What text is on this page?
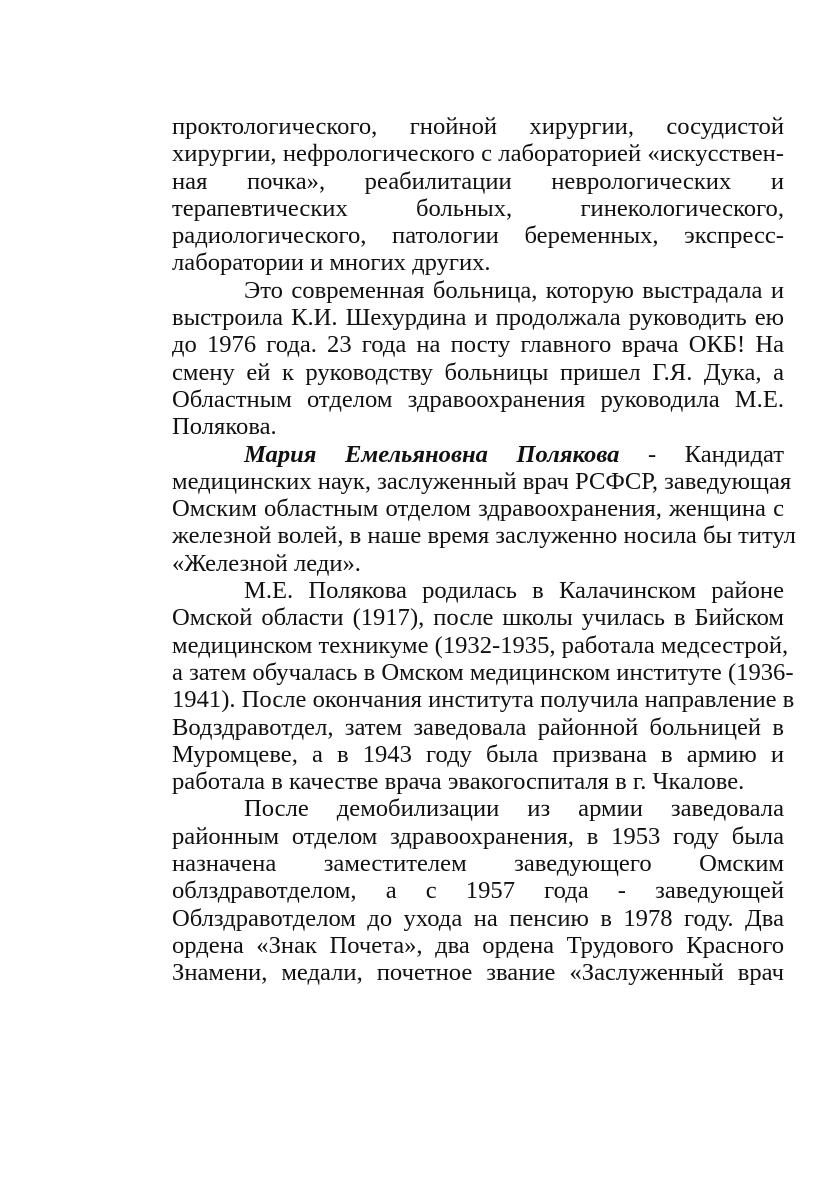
проктологического, гнойной хирургии, сосудистой
хирургии, нефрологического с лабораторией «искусствен-
ная почка», реабилитации неврологических и
терапевтических больных, гинекологического,
радиологического, патологии беременных, экспресс-
лаборатории и многих других.
Это современная больница, которую выстрадала и
выстроила К.И. Шехурдина и продолжала руководить ею
до 1976 года. 23 года на посту главного врача ОКБ! На
смену ей к руководству больницы пришел Г.Я. Дука, а
Областным отделом здравоохранения руководила М.Е.
Полякова.
Мария Емельяновна Полякова - Кандидат
медицинских наук, заслуженный врач РСФСР, заведующая
Омским областным отделом здравоохранения, женщина с
железной волей, в наше время заслуженно носила бы титул
«Железной леди».
М.Е. Полякова родилась в Калачинском районе
Омской области (1917), после школы училась в Бийском
медицинском техникуме (1932-1935, работала медсестрой,
а затем обучалась в Омском медицинском институте (1936-
1941). После окончания института получила направление в
Водздравотдел, затем заведовала районной больницей в
Муромцеве, а в 1943 году была призвана в армию и
работала в качестве врача эвакогоспиталя в г. Чкалове.
После демобилизации из армии заведовала
районным отделом здравоохранения, в 1953 году была
назначена заместителем заведующего Омским
облздравотделом, а с 1957 года - заведующей
Облздравотделом до ухода на пенсию в 1978 году. Два
ордена «Знак Почета», два ордена Трудового Красного
Знамени, медали, почетное звание «Заслуженный врач
